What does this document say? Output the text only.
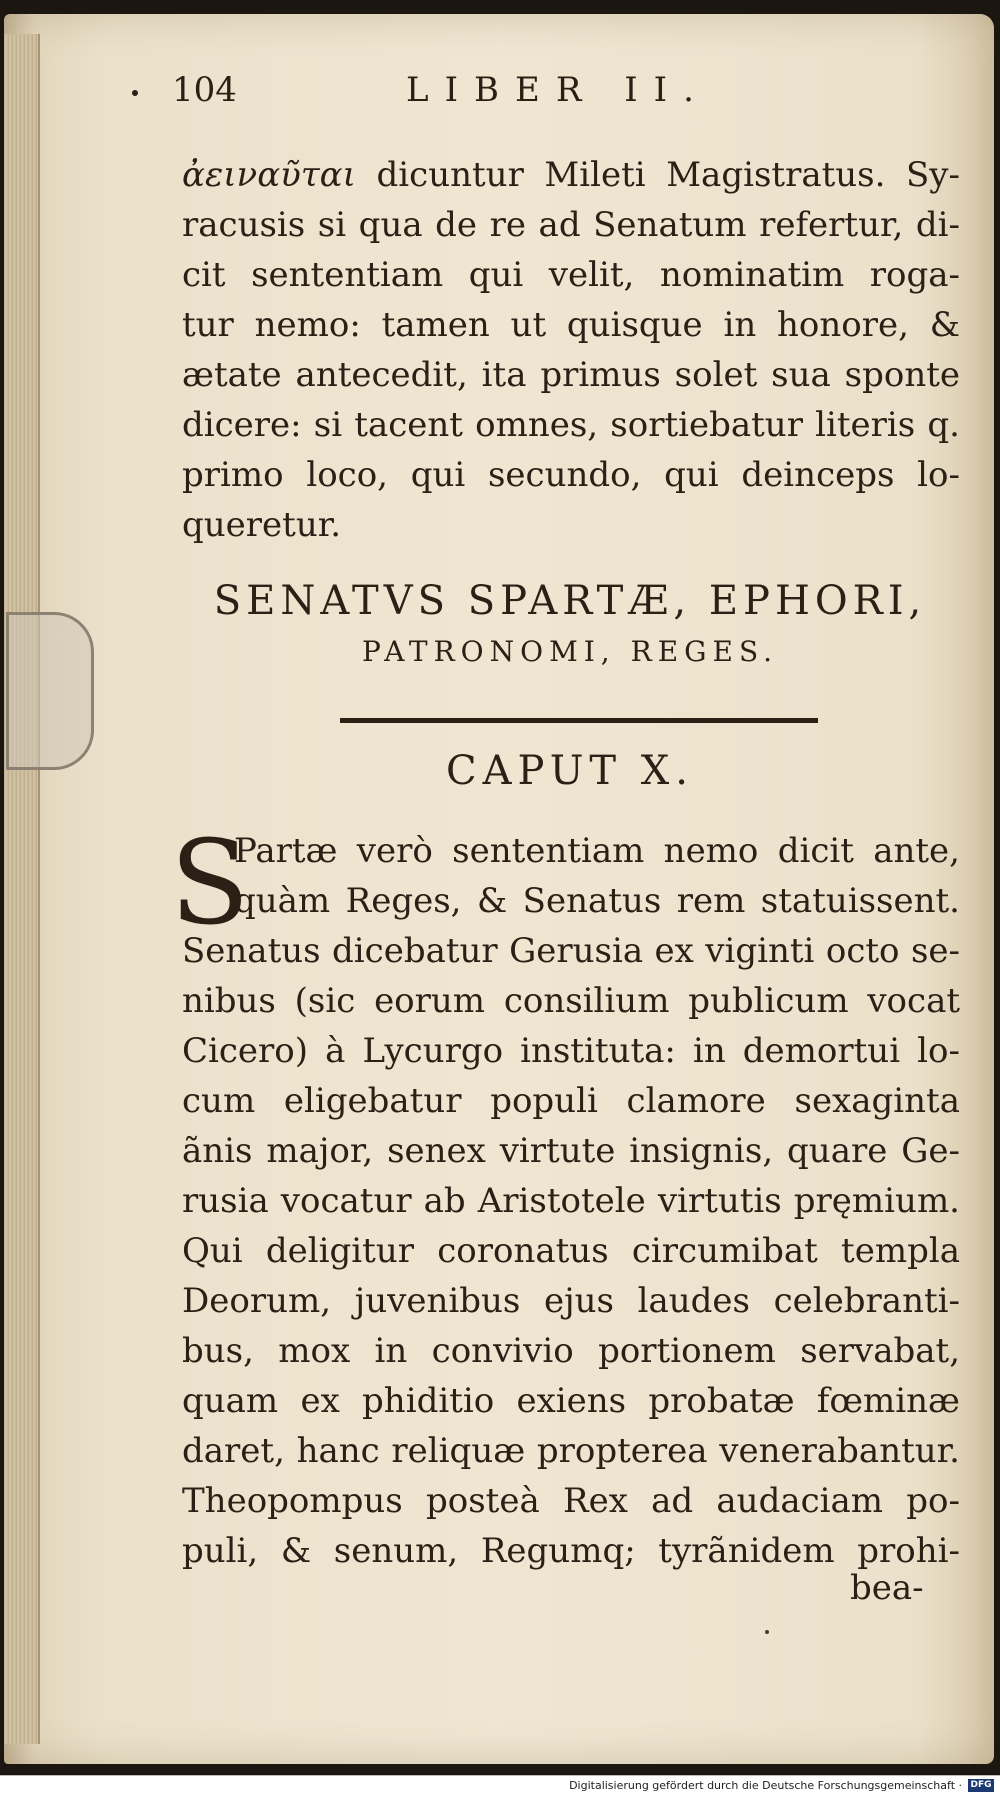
104	LIBER II.
ἀειναῦται dicuntur Mileti Magistratus. Sy-
racusis si qua de re ad Senatum refertur, di-
cit sententiam qui velit, nominatim roga-
tur nemo: tamen ut quisque in honore, &
ætate antecedit, ita primus solet sua sponte
dicere: si tacent omnes, sortiebatur literis q.
primo loco, qui secundo, qui deinceps lo-
queretur.
SENATVS SPARTÆ, EPHORI,
PATRONOMI, REGES.
CAPUT X.
S
Partæ verò sententiam nemo dicit ante,
quàm Reges, & Senatus rem statuissent.
Senatus dicebatur Gerusia ex viginti octo se-
nibus (sic eorum consilium publicum vocat
Cicero) à Lycurgo instituta: in demortui lo-
cum eligebatur populi clamore sexaginta
ãnis major, senex virtute insignis, quare Ge-
rusia vocatur ab Aristotele virtutis pręmium.
Qui deligitur coronatus circumibat templa
Deorum, juvenibus ejus laudes celebranti-
bus, mox in convivio portionem servabat,
quam ex phiditio exiens probatæ fœminæ
daret, hanc reliquæ propterea venerabantur.
Theopompus posteà Rex ad audaciam po-
puli, & senum, Regumq; tyrãnidem prohi-
bea-
Digitalisierung gefördert durch die Deutsche Forschungsgemeinschaft · DFG
